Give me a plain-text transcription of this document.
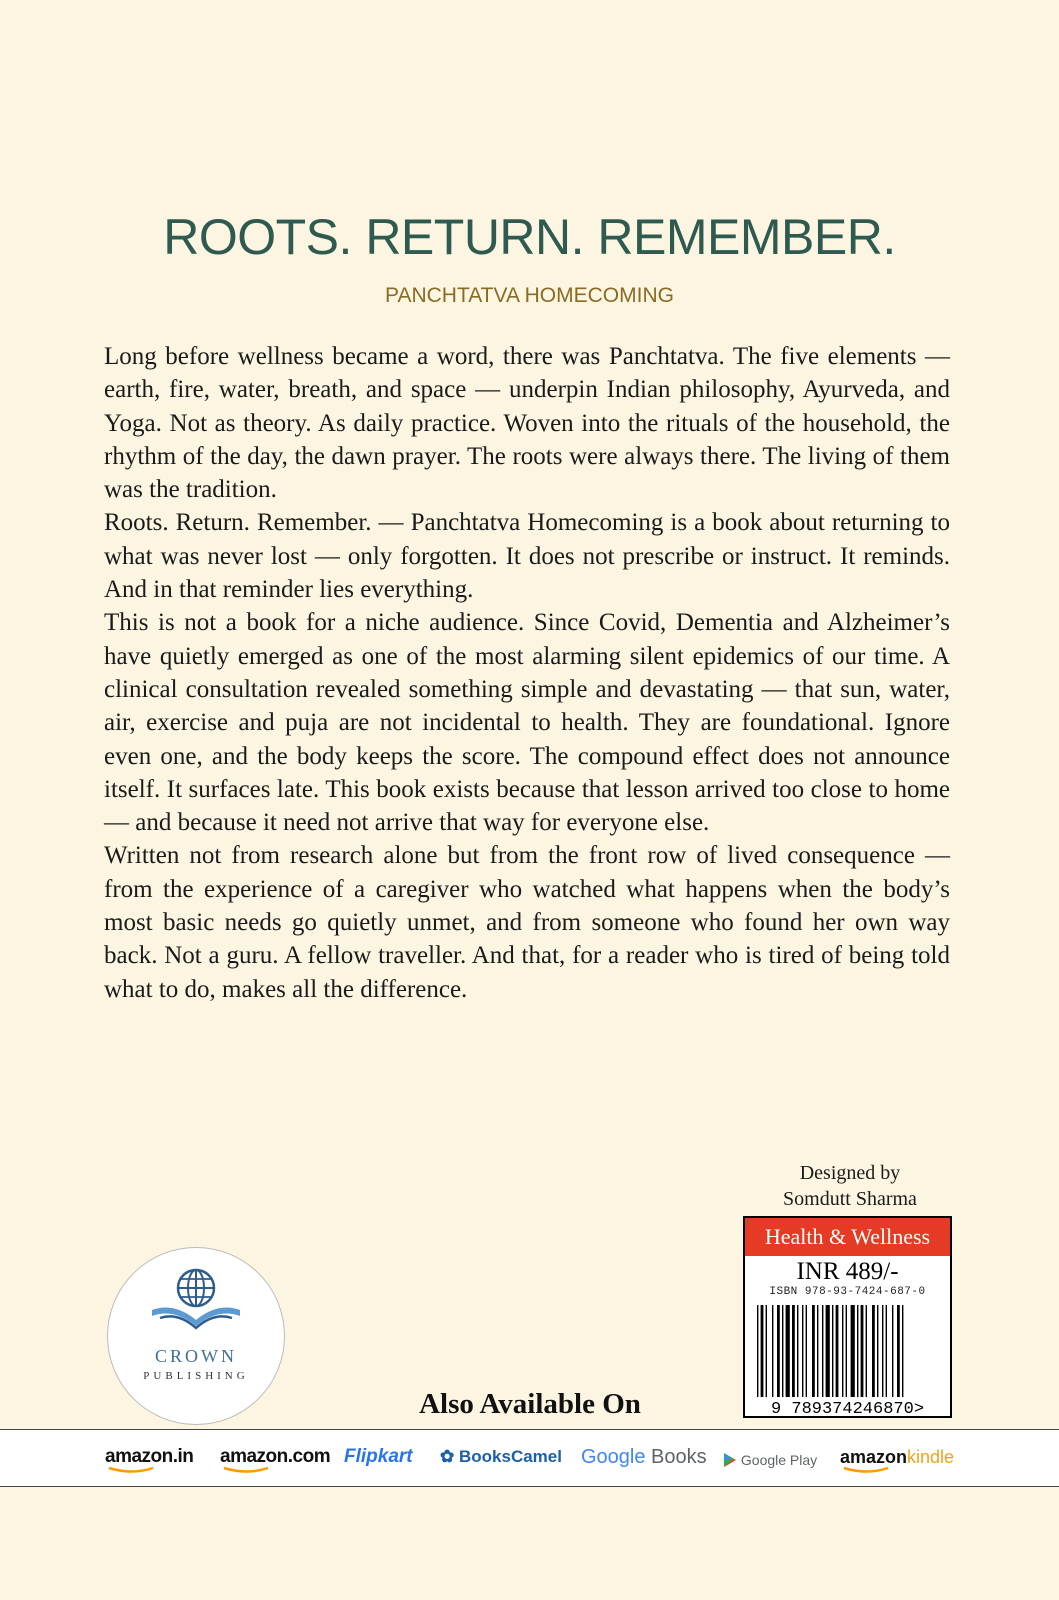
ROOTS. RETURN. REMEMBER.
PANCHTATVA HOMECOMING

Long before wellness became a word, there was Panchtatva. The five elements — earth, fire, water, breath, and space — underpin Indian philosophy, Ayurveda, and Yoga. Not as theory. As daily practice. Woven into the rituals of the household, the rhythm of the day, the dawn prayer. The roots were always there. The living of them was the tradition.

Roots. Return. Remember. — Panchtatva Homecoming is a book about returning to what was never lost — only forgotten. It does not prescribe or instruct. It reminds. And in that reminder lies everything.

This is not a book for a niche audience. Since Covid, Dementia and Alzheimer’s have quietly emerged as one of the most alarming silent epidemics of our time. A clinical consultation revealed something simple and devastating — that sun, water, air, exercise and puja are not incidental to health. They are foundational. Ignore even one, and the body keeps the score. The compound effect does not announce itself. It surfaces late. This book exists because that lesson arrived too close to home — and because it need not arrive that way for everyone else.

Written not from research alone but from the front row of lived consequence — from the experience of a caregiver who watched what happens when the body’s most basic needs go quietly unmet, and from someone who found her own way back. Not a guru. A fellow traveller. And that, for a reader who is tired of being told what to do, makes all the difference.

Designed by
Somdutt Sharma
Health & Wellness
INR 489/-
ISBN 978-93-7424-687-0
9 789374246870>
CROWN
PUBLISHING
Also Available On
amazon.in amazon.com Flipkart ✿ BooksCamel Google Books	Google Play amazonkindle
